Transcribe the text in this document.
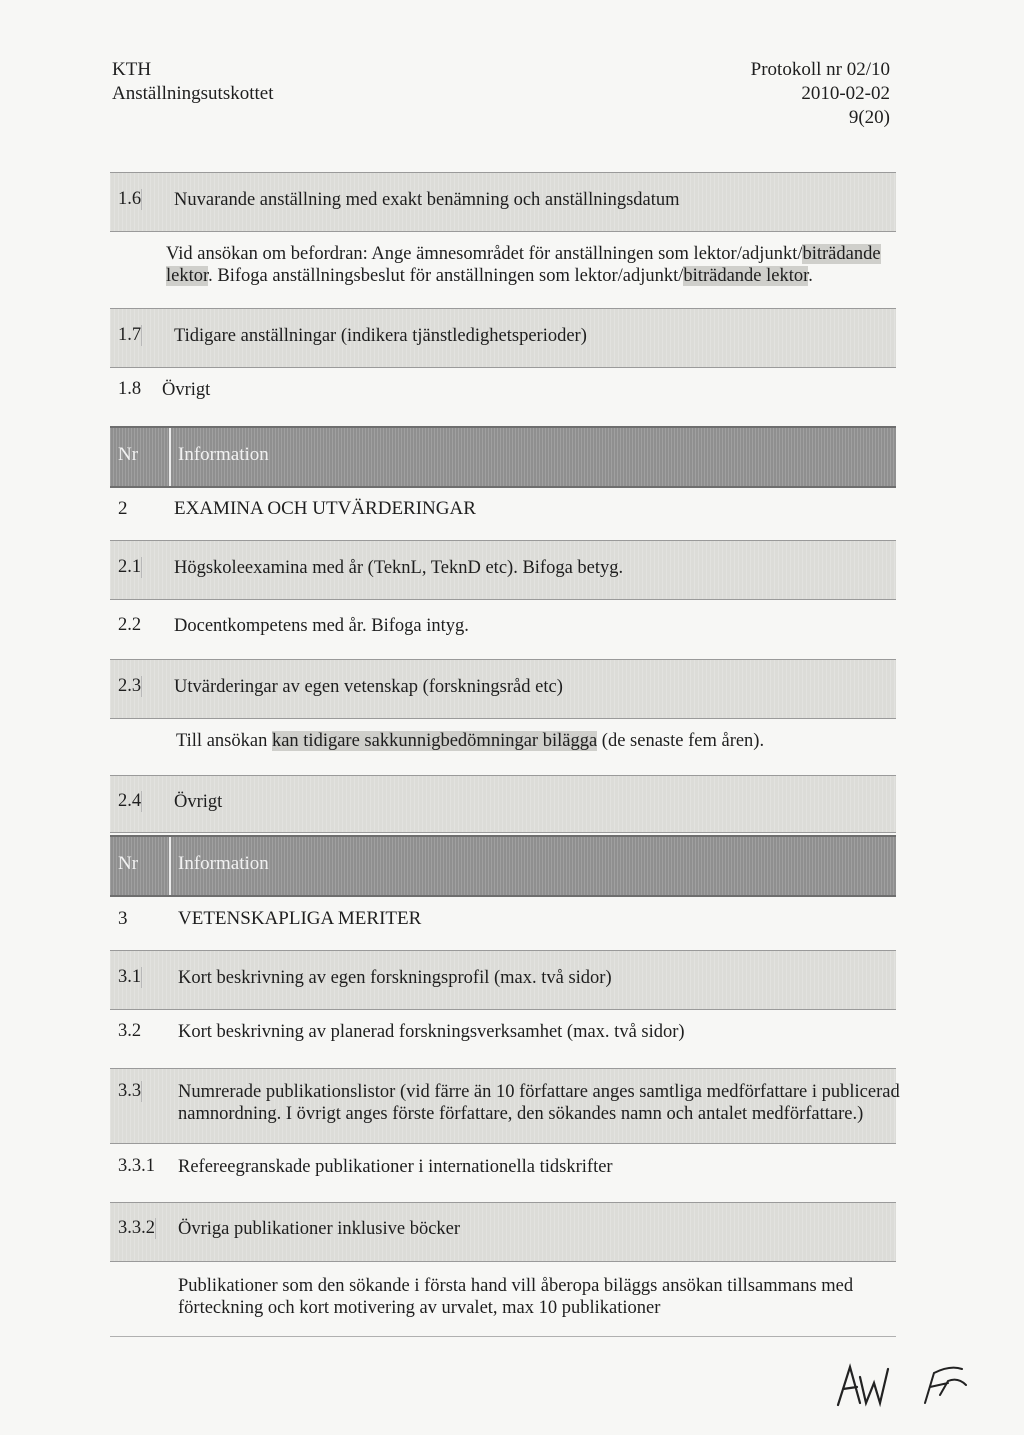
KTH
Anställningsutskottet
Protokoll nr 02/10
2010-02-02
9(20)
1.6 Nuvarande anställning med exakt benämning och anställningsdatum
Vid ansökan om befordran: Ange ämnesområdet för anställningen som lektor/adjunkt/biträdande lektor. Bifoga anställningsbeslut för anställningen som lektor/adjunkt/biträdande lektor.
1.7 Tidigare anställningar (indikera tjänstledighetsperioder)
1.8 Övrigt
Nr Information
2 EXAMINA OCH UTVÄRDERINGAR
2.1 Högskoleexamina med år (TeknL, TeknD etc). Bifoga betyg.
2.2 Docentkompetens med år. Bifoga intyg.
2.3 Utvärderingar av egen vetenskap (forskningsråd etc)
Till ansökan kan tidigare sakkunnigbedömningar bilägga (de senaste fem åren).
2.4 Övrigt
Nr Information
3	VETENSKAPLIGA MERITER
3.1 Kort beskrivning av egen forskningsprofil (max. två sidor)
3.2 Kort beskrivning av planerad forskningsverksamhet (max. två sidor)
3.3 Numrerade publikationslistor (vid färre än 10 författare anges samtliga medförfattare i publicerad
namnordning. I övrigt anges förste författare, den sökandes namn och antalet medförfattare.)
3.3.1 Refereegranskade publikationer i internationella tidskrifter
3.3.2 Övriga publikationer inklusive böcker
Publikationer som den sökande i första hand vill åberopa biläggs ansökan tillsammans med
förteckning och kort motivering av urvalet, max 10 publikationer
